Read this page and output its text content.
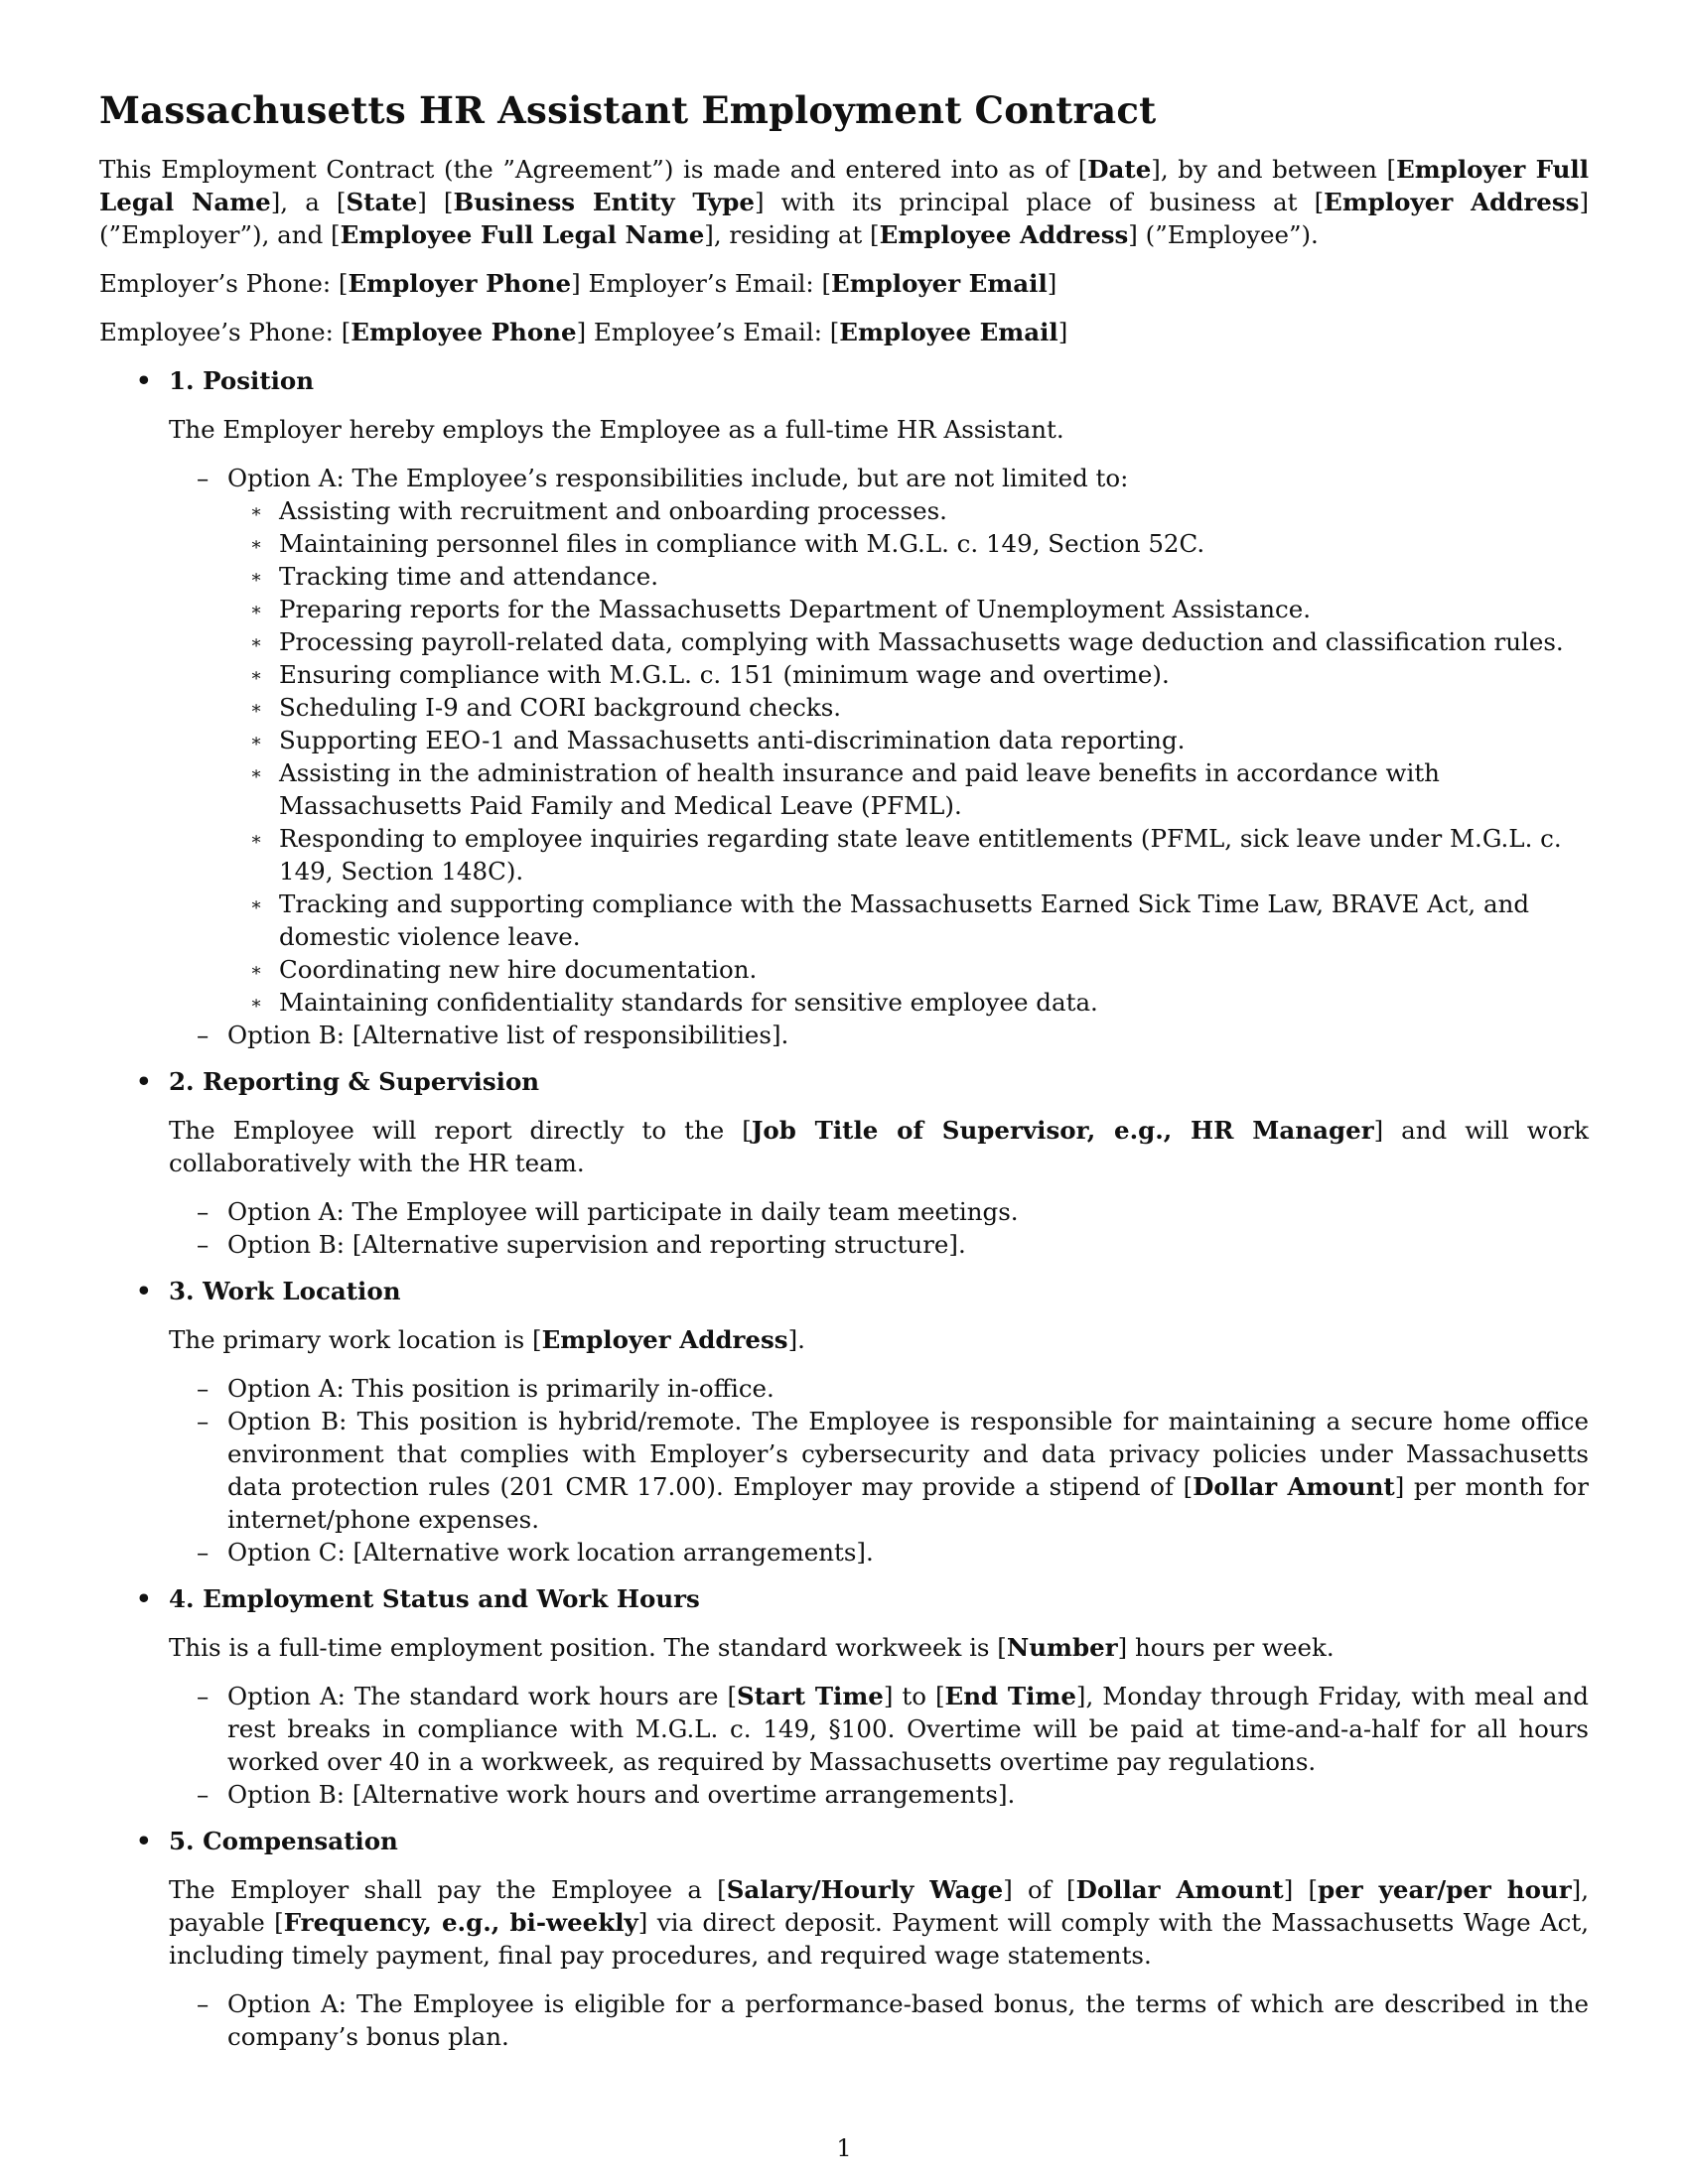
Massachusetts HR Assistant Employment Contract

This Employment Contract (the ”Agreement”) is made and entered into as of [Date], by and between [Employer Full Legal Name], a [State] [Business Entity Type] with its principal place of business at [Employer Address] (”Employer”), and [Employee Full Legal Name], residing at [Employee Address] (”Employee”).

Employer’s Phone: [Employer Phone] Employer’s Email: [Employer Email]

Employee’s Phone: [Employee Phone] Employee’s Email: [Employee Email]

• 1. Position

The Employer hereby employs the Employee as a full-time HR Assistant.

– Option A: The Employee’s responsibilities include, but are not limited to:
∗ Assisting with recruitment and onboarding processes.
∗ Maintaining personnel files in compliance with M.G.L. c. 149, Section 52C.
∗ Tracking time and attendance.
∗ Preparing reports for the Massachusetts Department of Unemployment Assistance.
∗ Processing payroll-related data, complying with Massachusetts wage deduction and classification rules.
∗ Ensuring compliance with M.G.L. c. 151 (minimum wage and overtime).
∗ Scheduling I-9 and CORI background checks.
∗ Supporting EEO-1 and Massachusetts anti-discrimination data reporting.
∗ Assisting in the administration of health insurance and paid leave benefits in accordance with Massachusetts Paid Family and Medical Leave (PFML).
∗ Responding to employee inquiries regarding state leave entitlements (PFML, sick leave under M.G.L. c. 149, Section 148C).
∗ Tracking and supporting compliance with the Massachusetts Earned Sick Time Law, BRAVE Act, and domestic violence leave.
∗ Coordinating new hire documentation.
∗ Maintaining confidentiality standards for sensitive employee data.
– Option B: [Alternative list of responsibilities].
• 2. Reporting & Supervision

The Employee will report directly to the [Job Title of Supervisor, e.g., HR Manager] and will work collaboratively with the HR team.

– Option A: The Employee will participate in daily team meetings.
– Option B: [Alternative supervision and reporting structure].
• 3. Work Location

The primary work location is [Employer Address].

– Option A: This position is primarily in-office.
– Option B: This position is hybrid/remote. The Employee is responsible for maintaining a secure home office environment that complies with Employer’s cybersecurity and data privacy policies under Massachusetts data protection rules (201 CMR 17.00). Employer may provide a stipend of [Dollar Amount] per month for internet/phone expenses.
– Option C: [Alternative work location arrangements].
• 4. Employment Status and Work Hours

This is a full-time employment position. The standard workweek is [Number] hours per week.

– Option A: The standard work hours are [Start Time] to [End Time], Monday through Friday, with meal and rest breaks in compliance with M.G.L. c. 149, §100. Overtime will be paid at time-and-a-half for all hours worked over 40 in a workweek, as required by Massachusetts overtime pay regulations.
– Option B: [Alternative work hours and overtime arrangements].
• 5. Compensation

The Employer shall pay the Employee a [Salary/Hourly Wage] of [Dollar Amount] [per year/per hour], payable [Frequency, e.g., bi-weekly] via direct deposit. Payment will comply with the Massachusetts Wage Act, including timely payment, final pay procedures, and required wage statements.

– Option A: The Employee is eligible for a performance-based bonus, the terms of which are described in the company’s bonus plan.
1
